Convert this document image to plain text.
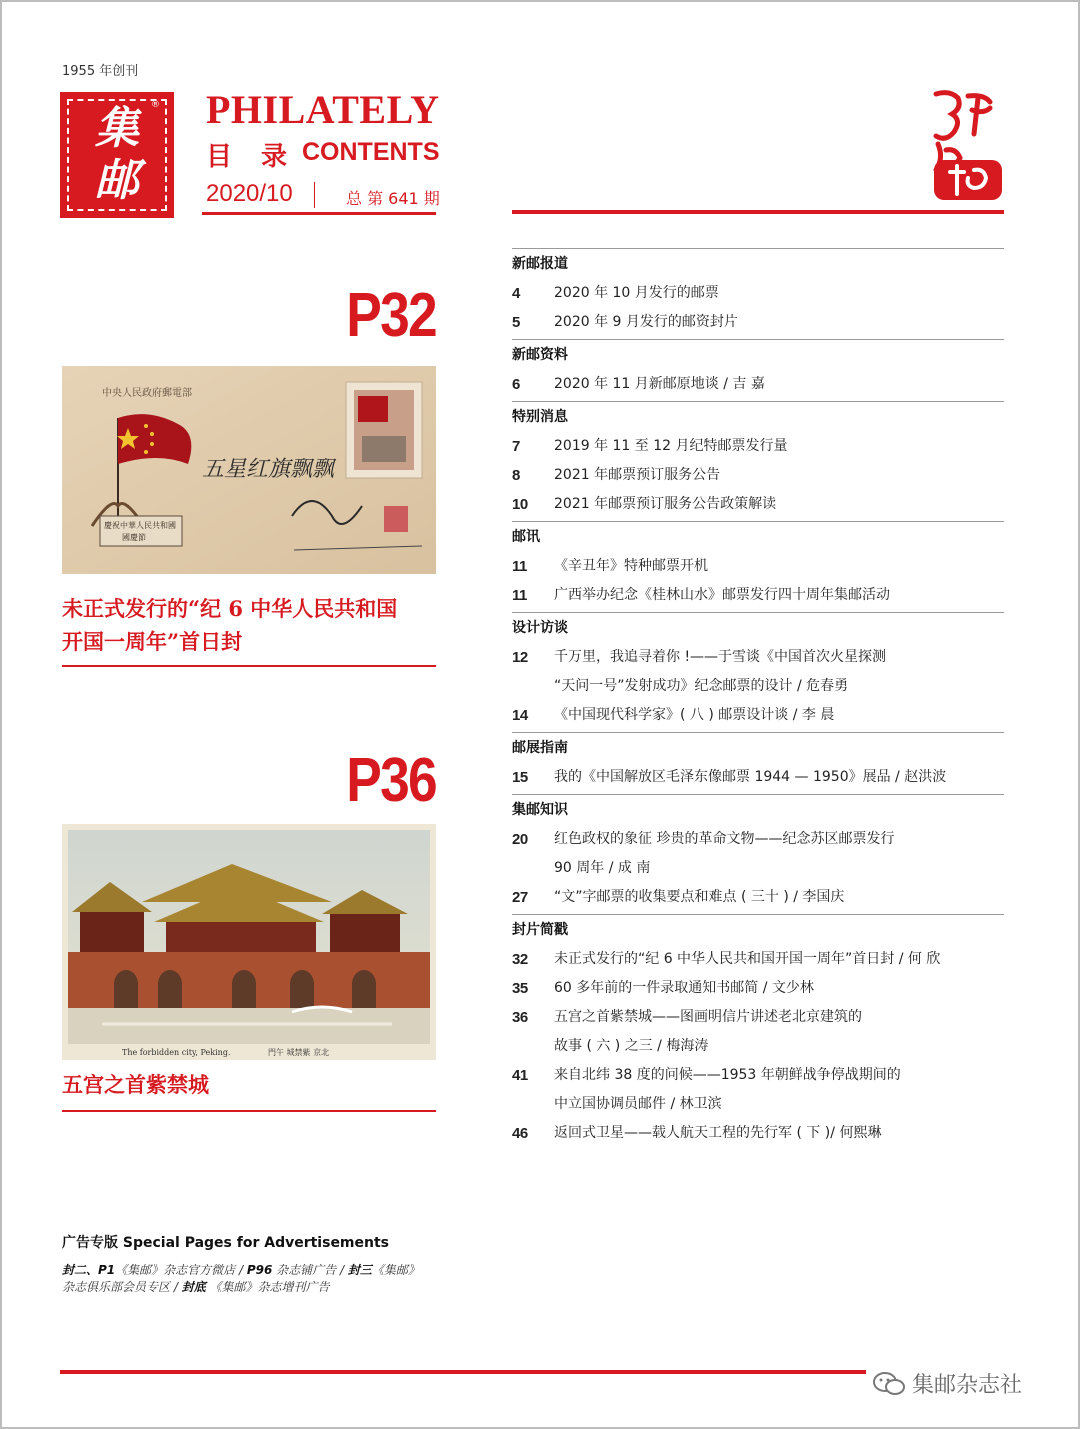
1955 年创刊
集
邮
® PHILATELY
目 录 CONTENTS
2020/10	总 第 641 期
P32
中央人民政府郵電部
慶祝中華人民共和國
國慶節
五星红旗飘飘
未正式发行的“纪 6 中华人民共和国
开国一周年”首日封
P36
The forbidden city, Peking.	門午 城禁紫 京北
五宫之首紫禁城
广告专版 Special Pages for Advertisements
封二、P1《集邮》杂志官方微店 / P96 杂志铺广告 / 封三《集邮》
杂志俱乐部会员专区 / 封底 《集邮》杂志增刊广告
集邮杂志社
新邮报道
4	2020 年 10 月发行的邮票
5	2020 年 9 月发行的邮资封片
新邮资料
6	2020 年 11 月新邮原地谈 / 吉 嘉
特别消息
7	2019 年 11 至 12 月纪特邮票发行量
8	2021 年邮票预订服务公告
10	2021 年邮票预订服务公告政策解读
邮讯
11	《辛丑年》特种邮票开机
11	广西举办纪念《桂林山水》邮票发行四十周年集邮活动
设计访谈
12	千万里，我追寻着你 !——于雪谈《中国首次火星探测
“天问一号”发射成功》纪念邮票的设计 / 危春勇
14	《中国现代科学家》( 八 ) 邮票设计谈 / 李 晨
邮展指南
15	我的《中国解放区毛泽东像邮票 1944 — 1950》展品 / 赵洪波
集邮知识
20	红色政权的象征 珍贵的革命文物——纪念苏区邮票发行
90 周年 / 成 南
27	“文”字邮票的收集要点和难点 ( 三十 ) / 李国庆
封片简戳
32	未正式发行的“纪 6 中华人民共和国开国一周年”首日封 / 何 欣
35	60 多年前的一件录取通知书邮简 / 文少林
36	五宫之首紫禁城——图画明信片讲述老北京建筑的
故事 ( 六 ) 之三 / 梅海涛
41	来自北纬 38 度的问候——1953 年朝鲜战争停战期间的
中立国协调员邮件 / 林卫滨
46	返回式卫星——载人航天工程的先行军 ( 下 )/ 何熙琳
